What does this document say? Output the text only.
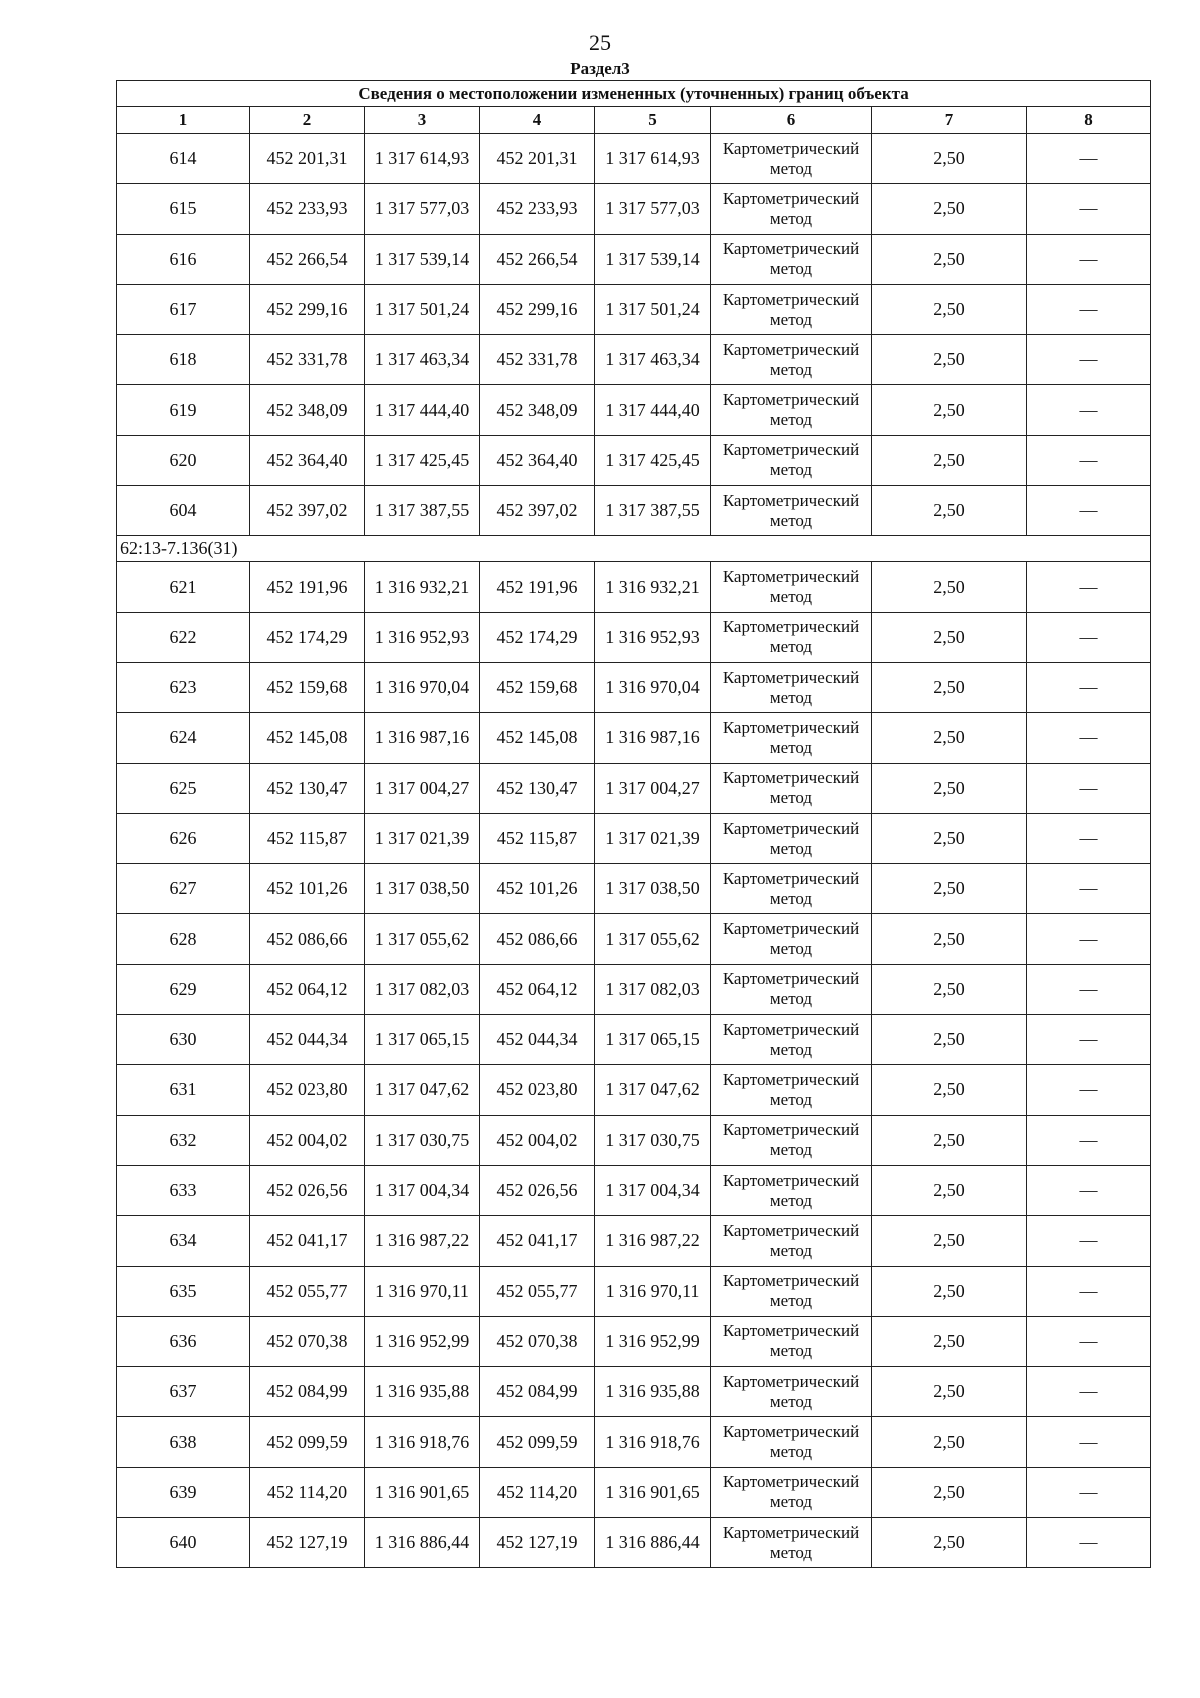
25
Раздел3
Сведения о местоположении измененных (уточненных) границ объекта							
1	2	3	4	5	6	7	8
614	452 201,31	1 317 614,93	452 201,31	1 317 614,93	Картометрический метод	2,50	—
615	452 233,93	1 317 577,03	452 233,93	1 317 577,03	Картометрический метод	2,50	—
616	452 266,54	1 317 539,14	452 266,54	1 317 539,14	Картометрический метод	2,50	—
617	452 299,16	1 317 501,24	452 299,16	1 317 501,24	Картометрический метод	2,50	—
618	452 331,78	1 317 463,34	452 331,78	1 317 463,34	Картометрический метод	2,50	—
619	452 348,09	1 317 444,40	452 348,09	1 317 444,40	Картометрический метод	2,50	—
620	452 364,40	1 317 425,45	452 364,40	1 317 425,45	Картометрический метод	2,50	—
604	452 397,02	1 317 387,55	452 397,02	1 317 387,55	Картометрический метод	2,50	—
62:13-7.136(31)							
621	452 191,96	1 316 932,21	452 191,96	1 316 932,21	Картометрический метод	2,50	—
622	452 174,29	1 316 952,93	452 174,29	1 316 952,93	Картометрический метод	2,50	—
623	452 159,68	1 316 970,04	452 159,68	1 316 970,04	Картометрический метод	2,50	—
624	452 145,08	1 316 987,16	452 145,08	1 316 987,16	Картометрический метод	2,50	—
625	452 130,47	1 317 004,27	452 130,47	1 317 004,27	Картометрический метод	2,50	—
626	452 115,87	1 317 021,39	452 115,87	1 317 021,39	Картометрический метод	2,50	—
627	452 101,26	1 317 038,50	452 101,26	1 317 038,50	Картометрический метод	2,50	—
628	452 086,66	1 317 055,62	452 086,66	1 317 055,62	Картометрический метод	2,50	—
629	452 064,12	1 317 082,03	452 064,12	1 317 082,03	Картометрический метод	2,50	—
630	452 044,34	1 317 065,15	452 044,34	1 317 065,15	Картометрический метод	2,50	—
631	452 023,80	1 317 047,62	452 023,80	1 317 047,62	Картометрический метод	2,50	—
632	452 004,02	1 317 030,75	452 004,02	1 317 030,75	Картометрический метод	2,50	—
633	452 026,56	1 317 004,34	452 026,56	1 317 004,34	Картометрический метод	2,50	—
634	452 041,17	1 316 987,22	452 041,17	1 316 987,22	Картометрический метод	2,50	—
635	452 055,77	1 316 970,11	452 055,77	1 316 970,11	Картометрический метод	2,50	—
636	452 070,38	1 316 952,99	452 070,38	1 316 952,99	Картометрический метод	2,50	—
637	452 084,99	1 316 935,88	452 084,99	1 316 935,88	Картометрический метод	2,50	—
638	452 099,59	1 316 918,76	452 099,59	1 316 918,76	Картометрический метод	2,50	—
639	452 114,20	1 316 901,65	452 114,20	1 316 901,65	Картометрический метод	2,50	—
640	452 127,19	1 316 886,44	452 127,19	1 316 886,44	Картометрический метод	2,50	—
